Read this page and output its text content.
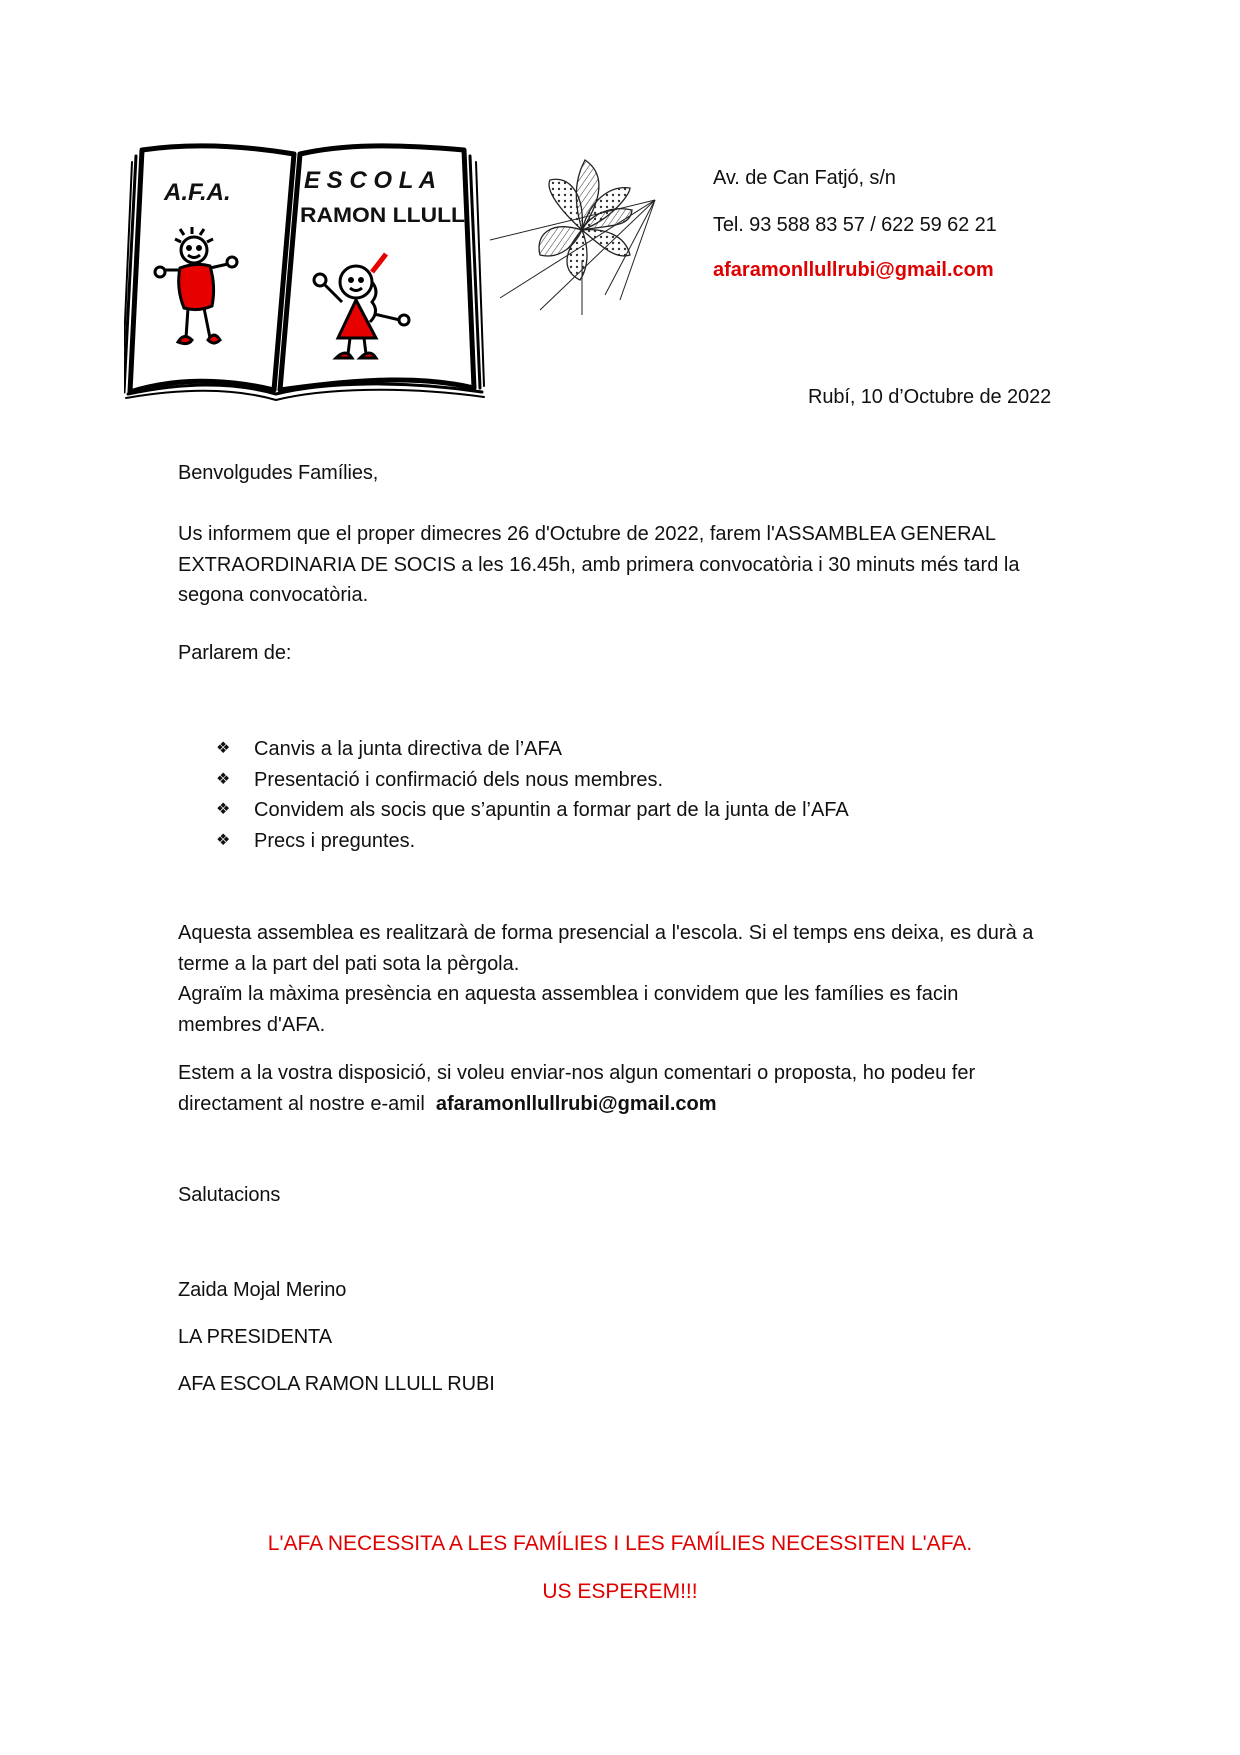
A.F.A.	E S C O L A
RAMON LLULL
Av. de Can Fatjó, s/n
Tel. 93 588 83 57 / 622 59 62 21
afaramonllullrubi@gmail.com
Rubí, 10 d’Octubre de 2022
Benvolgudes Famílies,
Us informem que el proper dimecres 26 d'Octubre de 2022, farem l'ASSAMBLEA GENERAL
EXTRAORDINARIA DE SOCIS a les 16.45h, amb primera convocatòria i 30 minuts més tard la
segona convocatòria.
Parlarem de:
❖	Canvis a la junta directiva de l’AFA
❖	Presentació i confirmació dels nous membres.
❖	Convidem als socis que s’apuntin a formar part de la junta de l’AFA
❖	Precs i preguntes.
Aquesta assemblea es realitzarà de forma presencial a l'escola. Si el temps ens deixa, es durà a
terme a la part del pati sota la pèrgola.
Agraïm la màxima presència en aquesta assemblea i convidem que les famílies es facin
membres d'AFA.
Estem a la vostra disposició, si voleu enviar-nos algun comentari o proposta, ho podeu fer
directament al nostre e-amil  afaramonllullrubi@gmail.com
Salutacions
Zaida Mojal Merino
LA PRESIDENTA
AFA ESCOLA RAMON LLULL RUBI
L'AFA NECESSITA A LES FAMÍLIES I LES FAMÍLIES NECESSITEN L'AFA.
US ESPEREM!!!
